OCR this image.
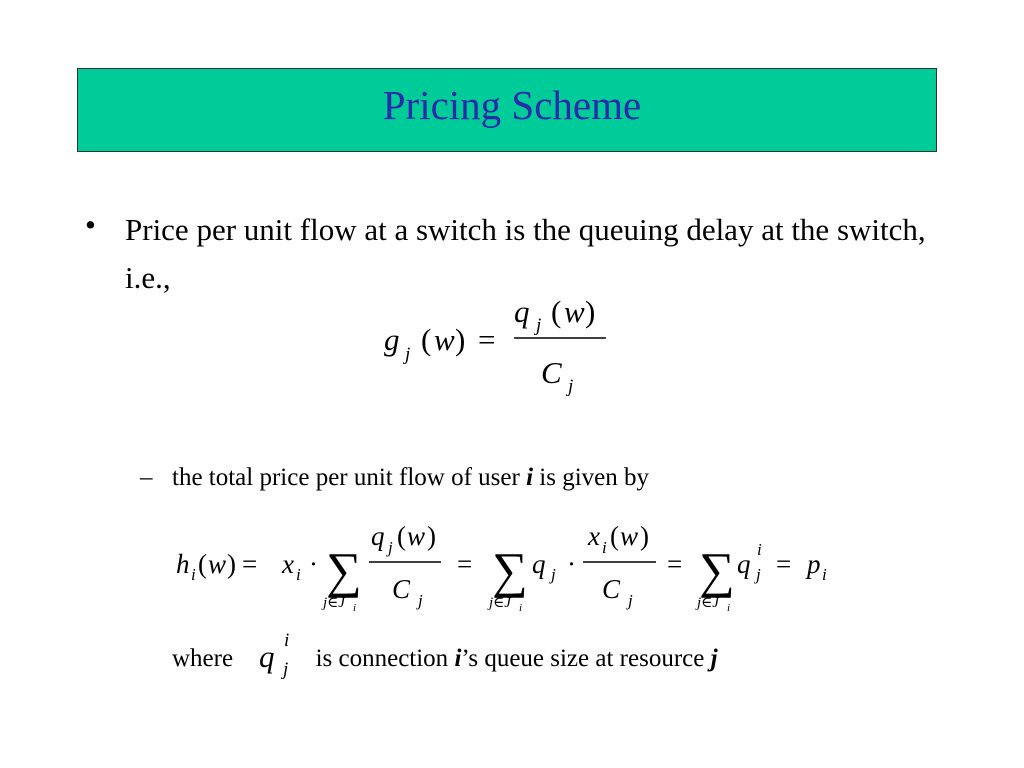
Pricing Scheme
• Price per unit flow at a switch is the queuing delay at the switch, i.e.,
g j
q j
C j
( w ) =
( w )
– the total price per unit flow of user i is given by
h i ( w ) = x i · ∑
j∈J i
q j ( w )
C j
= ∑
j∈J i
q j ·
x i ( w )
C j
= ∑
j∈J i
q i
j = p i
where	is connection i’s queue size at resource j
q i
j
